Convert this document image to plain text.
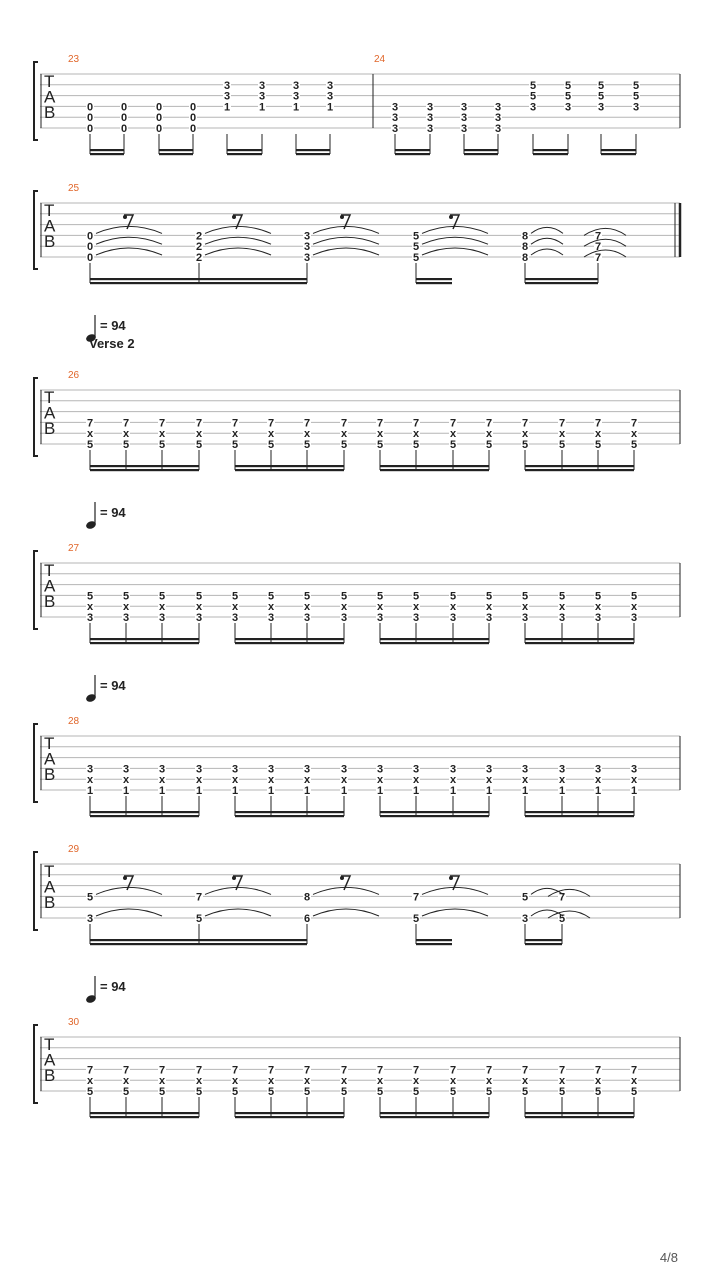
T
A
B
23
0
0
0
0
0
0
0
0
0
0
0
0
3
3
1
3
3
1
3
3
1
3
3
1
24
3
3
3
3
3
3
3
3
3
3
3
3
5
5
3
5
5
3
5
5
3
5
5
3
T
A
B
25
0
0
0
2
2
2
3
3
3
5
5
5
8
8
8
7
7
7
T
A
B
26
7
x
5
7
x
5
7
x
5
7
x
5
7
x
5
7
x
5
7
x
5
7
x
5
7
x
5
7
x
5
7
x
5
7
x
5
7
x
5
7
x
5
7
x
5
7
x
5
T
A
B
27
5
x
3
5
x
3
5
x
3
5
x
3
5
x
3
5
x
3
5
x
3
5
x
3
5
x
3
5
x
3
5
x
3
5
x
3
5
x
3
5
x
3
5
x
3
5
x
3
T
A
B
28
3
x
1
3
x
1
3
x
1
3
x
1
3
x
1
3
x
1
3
x
1
3
x
1
3
x
1
3
x
1
3
x
1
3
x
1
3
x
1
3
x
1
3
x
1
3
x
1
T
A
B
29
5
3
7
5
8
6
7
5
5
3
7
5
T
A
B
30
7
x
5
7
x
5
7
x
5
7
x
5
7
x
5
7
x
5
7
x
5
7
x
5
7
x
5
7
x
5
7
x
5
7
x
5
7
x
5
7
x
5
7
x
5
7
x
5
= 94
Verse 2
= 94
= 94
= 94
4/8
